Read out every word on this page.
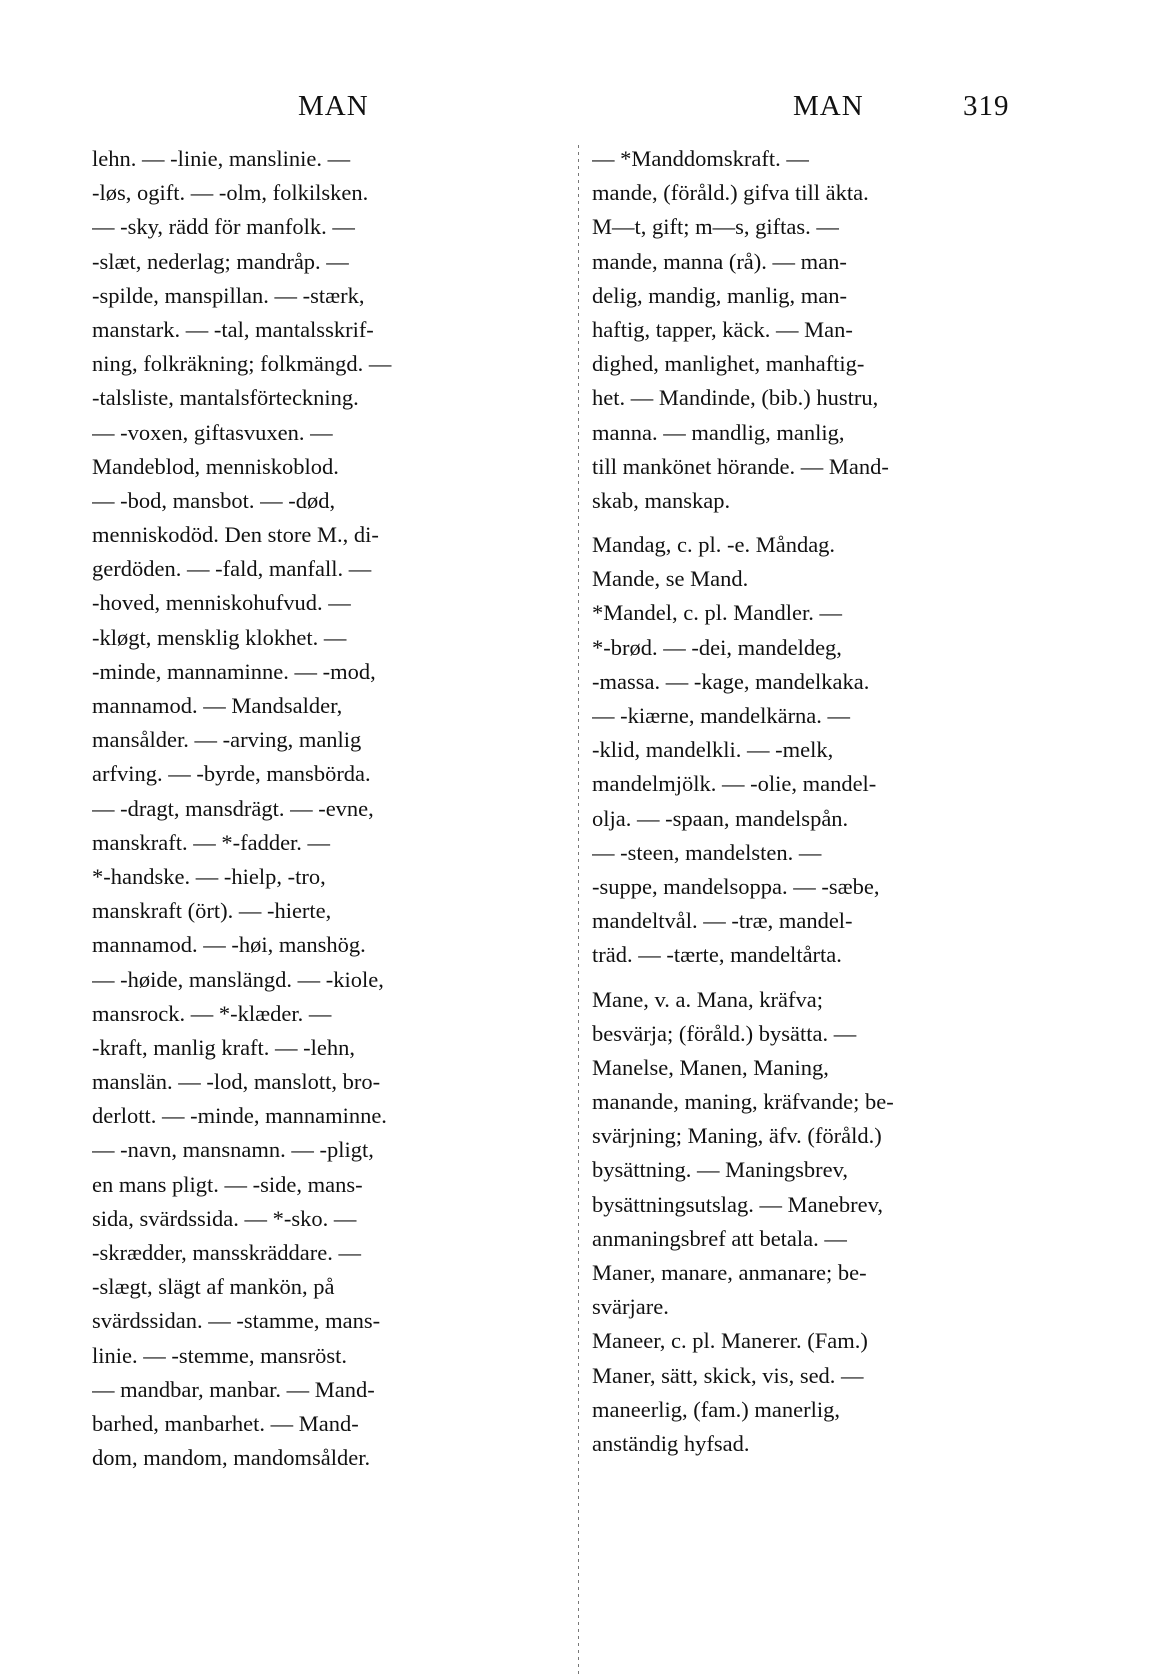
MAN	MAN	319
lehn. — -linie, manslinie. —
-løs, ogift. — -olm, folkilsken.
— -sky, rädd för manfolk. —
-slæt, nederlag; mandråp. —
-spilde, manspillan. — -stærk,
manstark. — -tal, mantalsskrif-
ning, folkräkning; folkmängd. —
-talsliste, mantalsförteckning.
— -voxen, giftasvuxen. —
Mandeblod, menniskoblod.
— -bod, mansbot. — -død,
menniskodöd. Den store M., di-
gerdöden. — -fald, manfall. —
-hoved, menniskohufvud. —
-kløgt, mensklig klokhet. —
-minde, mannaminne. — -mod,
mannamod. — Mandsalder,
mansålder. — -arving, manlig
arfving. — -byrde, mansbörda.
— -dragt, mansdrägt. — -evne,
manskraft. — *-fadder. —
*-handske. — -hielp, -tro,
manskraft (ört). — -hierte,
mannamod. — -høi, manshög.
— -høide, manslängd. — -kiole,
mansrock. — *-klæder. —
-kraft, manlig kraft. — -lehn,
manslän. — -lod, manslott, bro-
derlott. — -minde, mannaminne.
— -navn, mansnamn. — -pligt,
en mans pligt. — -side, mans-
sida, svärdssida. — *-sko. —
-skrædder, mansskräddare. —
-slægt, slägt af mankön, på
svärdssidan. — -stamme, mans-
linie. — -stemme, mansröst.
— mandbar, manbar. — Mand-
barhed, manbarhet. — Mand-
dom, mandom, mandomsålder.
— *Manddomskraft. —
mande, (föråld.) gifva till äkta.
M—t, gift; m—s, giftas. —
mande, manna (rå). — man-
delig, mandig, manlig, man-
haftig, tapper, käck. — Man-
dighed, manlighet, manhaftig-
het. — Mandinde, (bib.) hustru,
manna. — mandlig, manlig,
till mankönet hörande. — Mand-
skab, manskap.
Mandag, c. pl. -e. Måndag.
Mande, se Mand.
*Mandel, c. pl. Mandler. —
*-brød. — -dei, mandeldeg,
-massa. — -kage, mandelkaka.
— -kiærne, mandelkärna. —
-klid, mandelkli. — -melk,
mandelmjölk. — -olie, mandel-
olja. — -spaan, mandelspån.
— -steen, mandelsten. —
-suppe, mandelsoppa. — -sæbe,
mandeltvål. — -træ, mandel-
träd. — -tærte, mandeltårta.
Mane, v. a. Mana, kräfva;
besvärja; (föråld.) bysätta. —
Manelse, Manen, Maning,
manande, maning, kräfvande; be-
svärjning; Maning, äfv. (föråld.)
bysättning. — Maningsbrev,
bysättningsutslag. — Manebrev,
anmaningsbref att betala. —
Maner, manare, anmanare; be-
svärjare.
Maneer, c. pl. Manerer. (Fam.)
Maner, sätt, skick, vis, sed. —
maneerlig, (fam.) manerlig,
anständig hyfsad.
